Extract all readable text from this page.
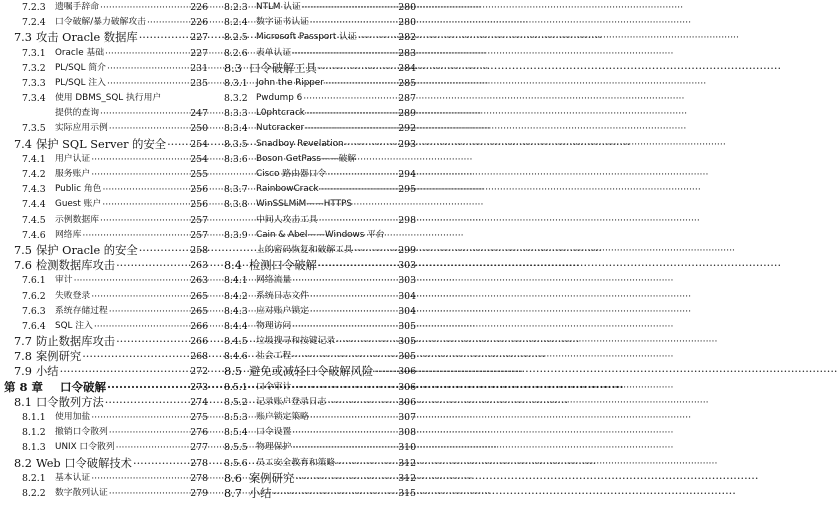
7.2.3	遗嘱手辞命 ·····	226
7.2.4	口令破解/暴力破解攻击 ·····	226
7.3 攻击 Oracle 数据库 ·····	227
7.3.1	Oracle 基础 ·····	227
7.3.2	PL/SQL 简介 ·····	231
7.3.3	PL/SQL 注入 ·····	235
7.3.4	使用 DBMS_SQL 执行用户
提供的查询 ·····	247
7.3.5	实际应用示例 ·····	250
7.4 保护 SQL Server 的安全 ·····	254
7.4.1	用户认证 ·····	254
7.4.2	服务账户 ·····	255
7.4.3	Public 角色 ·····	256
7.4.4	Guest 账户 ·····	256
7.4.5	示例数据库 ·····	257
7.4.6	网络库 ·····	257
7.5 保护 Oracle 的安全 ·····	258
7.6 检测数据库攻击 ·····	263
7.6.1	审计 ·····	263
7.6.2	失败登录 ·····	265
7.6.3	系统存储过程 ·····	265
7.6.4	SQL 注入 ·····	266
7.7 防止数据库攻击 ·····	266
7.8 案例研究 ·····	268
7.9 小结 ·····	272
第 8 章	口令破解 ·····	273
8.1 口令散列方法 ·····	274
8.1.1	使用加盐 ·····	275
8.1.2	撤销口令散列 ·····	276
8.1.3	UNIX 口令散列 ·····	277
8.2 Web 口令破解技术 ·····	278
8.2.1	基本认证 ·····	278
8.2.2	数字散列认证 ·····	279
8.2.3 NTLM 认证 ·····	280
8.2.4 数字证书认证 ·····	280
8.2.5 Microsoft Passport 认证 ·····	282
8.2.6 表单认证 ·····	283
8.3 口令破解工具 ·····	284
8.3.1 John the Ripper ·····	285
8.3.2 Pwdump 6 ·····	287
8.3.3 L0phtcrack ·····	289
8.3.4 Nutcracker ·····	292
8.3.5 Snadboy Revelation ·····	293
8.3.6 Boson GetPass——破解
Cisco 路由器口令 ·····	294
8.3.7 RainbowCrack ·····	295
8.3.8 WinSSLMiM——HTTPS
中间人攻击工具 ·····	298
8.3.9 Cain & Abel——Windows 平台
上的密码恢复和破解工具 ·····	299
8.4 检测口令破解 ·····	303
8.4.1 网络流量 ·····	303
8.4.2 系统日志文件 ·····	304
8.4.3 应对账户锁定 ·····	304
8.4.4 物理访问 ·····	305
8.4.5 垃圾搜寻和按键记录 ·····	305
8.4.6 社会工程 ·····	305
8.5 避免或减轻口令破解风险 ·····	306
8.5.1 口令审计 ·····	306
8.5.2 记录账户登录日志 ·····	306
8.5.3 账户锁定策略 ·····	307
8.5.4 口令设置 ·····	308
8.5.5 物理保护 ·····	310
8.5.6 员工安全教育和策略 ·····	312
8.6 案例研究 ·····	312
8.7 小结 ·····	315
